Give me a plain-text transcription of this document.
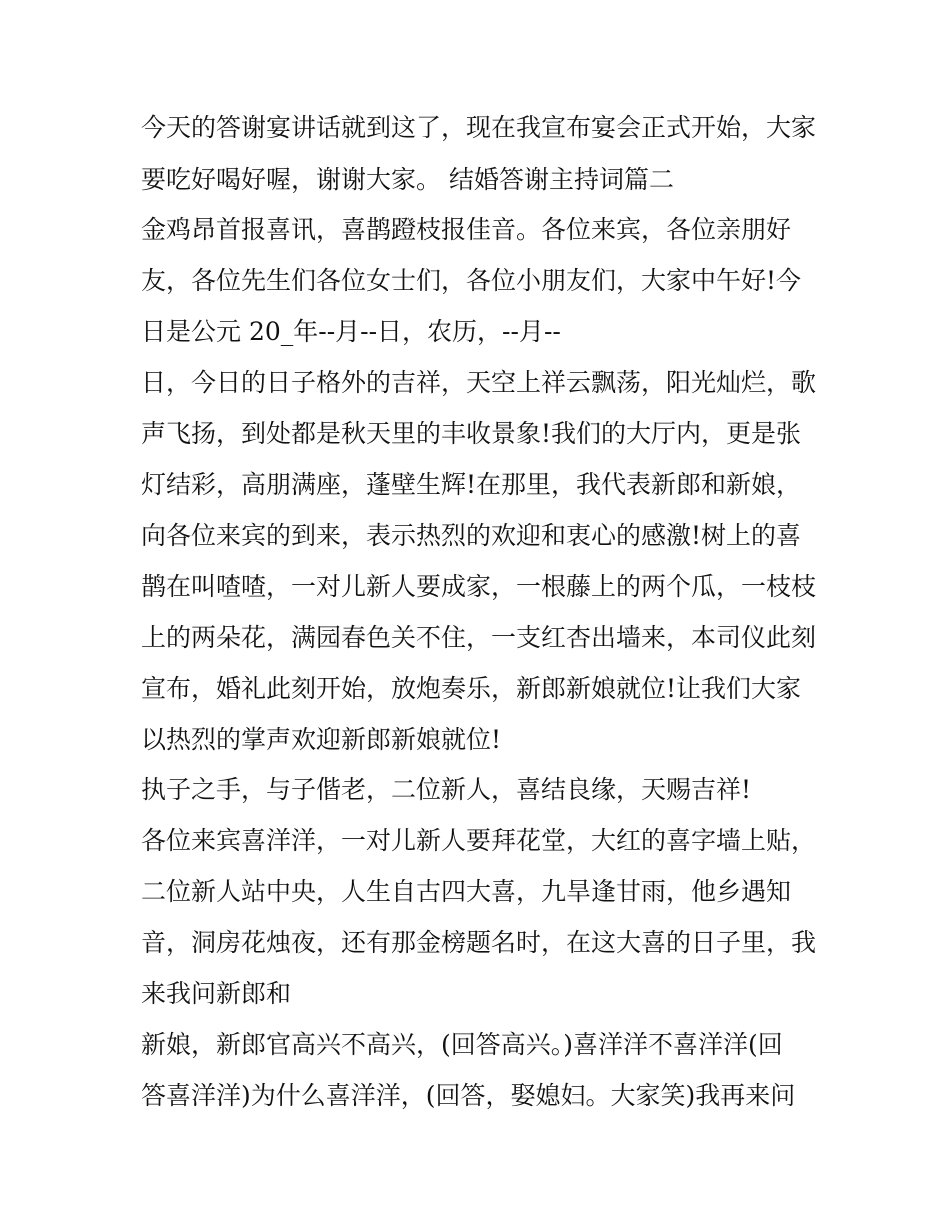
今天的答谢宴讲话就到这了，现在我宣布宴会正式开始，大家
要吃好喝好喔，谢谢大家。 结婚答谢主持词篇二
金鸡昂首报喜讯，喜鹊蹬枝报佳音。各位来宾，各位亲朋好
友，各位先生们各位女士们，各位小朋友们，大家中午好!今
日是公元 20_年--月--日，农历，--月--
日，今日的日子格外的吉祥，天空上祥云飘荡，阳光灿烂，歌
声飞扬，到处都是秋天里的丰收景象!我们的大厅内，更是张
灯结彩，高朋满座，蓬壁生辉!在那里，我代表新郎和新娘，
向各位来宾的到来，表示热烈的欢迎和衷心的感激!树上的喜
鹊在叫喳喳，一对儿新人要成家，一根藤上的两个瓜，一枝枝
上的两朵花，满园春色关不住，一支红杏出墙来，本司仪此刻
宣布，婚礼此刻开始，放炮奏乐，新郎新娘就位!让我们大家
以热烈的掌声欢迎新郎新娘就位!
执子之手，与子偕老，二位新人，喜结良缘，天赐吉祥!
各位来宾喜洋洋，一对儿新人要拜花堂，大红的喜字墙上贴，
二位新人站中央，人生自古四大喜，九旱逢甘雨，他乡遇知
音，洞房花烛夜，还有那金榜题名时，在这大喜的日子里，我
来我问新郎和
新娘，新郎官高兴不高兴，(回答高兴。)喜洋洋不喜洋洋(回
答喜洋洋)为什么喜洋洋，(回答，娶媳妇。大家笑)我再来问
